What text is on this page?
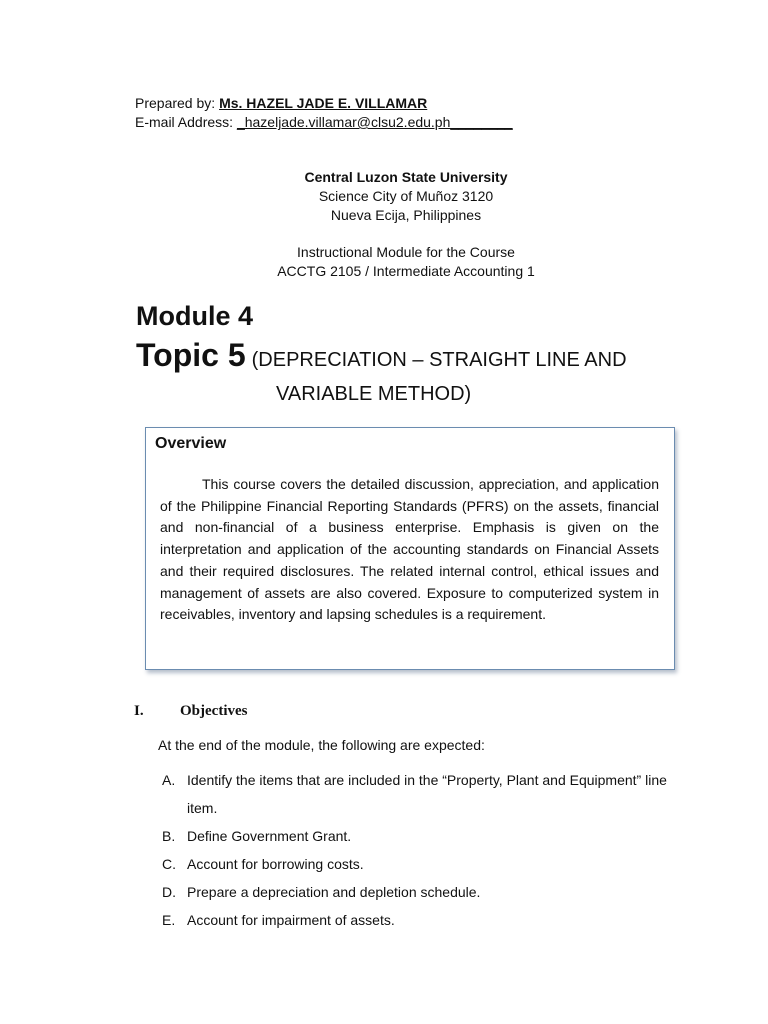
Prepared by: Ms. HAZEL JADE E. VILLAMAR
E-mail Address: _hazeljade.villamar@clsu2.edu.ph________
Central Luzon State University
Science City of Muñoz 3120
Nueva Ecija, Philippines
Instructional Module for the Course
ACCTG 2105 / Intermediate Accounting 1
Module 4
Topic 5 (DEPRECIATION – STRAIGHT LINE AND
VARIABLE METHOD)
Overview
This course covers the detailed discussion, appreciation, and application of the Philippine Financial Reporting Standards (PFRS) on the assets, financial and non-financial of a business enterprise. Emphasis is given on the interpretation and application of the accounting standards on Financial Assets and their required disclosures. The related internal control, ethical issues and management of assets are also covered. Exposure to computerized system in receivables, inventory and lapsing schedules is a requirement.
I. Objectives
At the end of the module, the following are expected:
A. Identify the items that are included in the “Property, Plant and Equipment” line item.
B. Define Government Grant.
C. Account for borrowing costs.
D. Prepare a depreciation and depletion schedule.
E. Account for impairment of assets.
